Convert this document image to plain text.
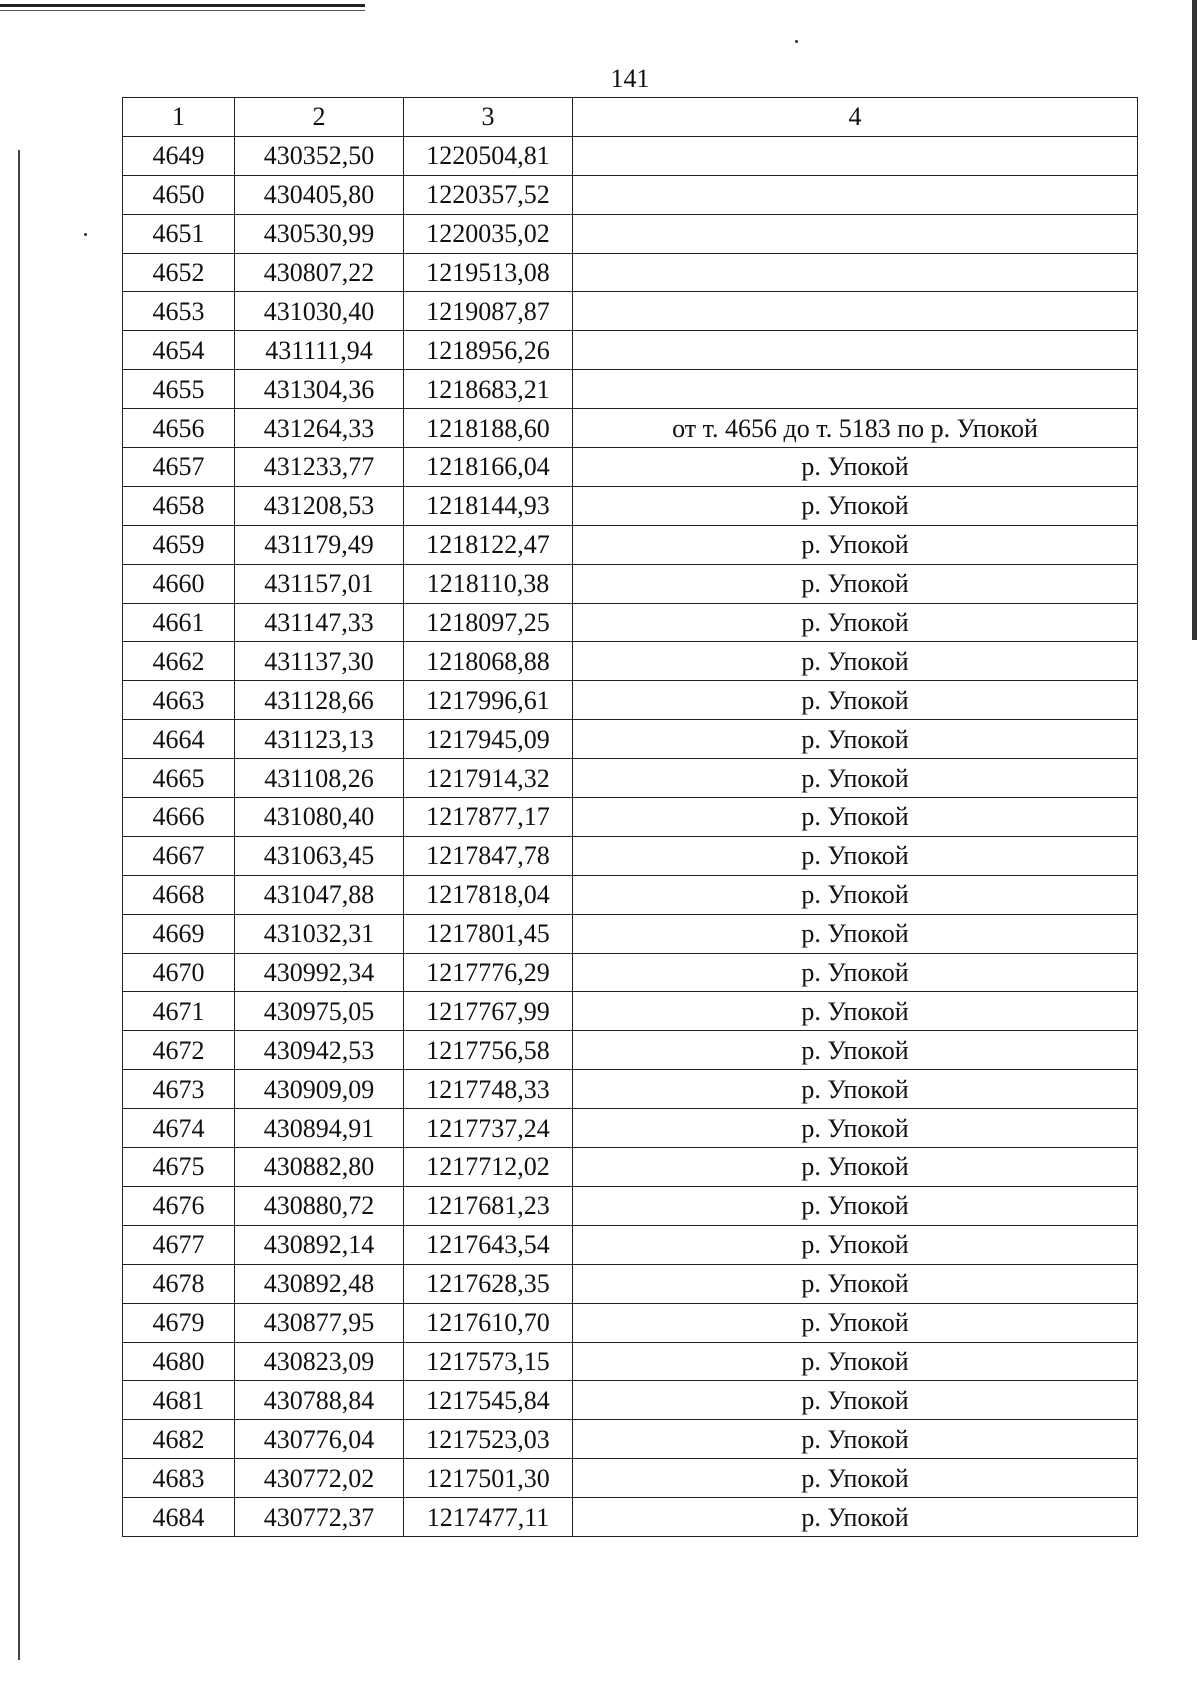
141
1	2	3	4
4649	430352,50	1220504,81	
4650	430405,80	1220357,52	
4651	430530,99	1220035,02	
4652	430807,22	1219513,08	
4653	431030,40	1219087,87	
4654	431111,94	1218956,26	
4655	431304,36	1218683,21	
4656	431264,33	1218188,60	от т. 4656 до т. 5183 по р. Упокой
4657	431233,77	1218166,04	р. Упокой
4658	431208,53	1218144,93	р. Упокой
4659	431179,49	1218122,47	р. Упокой
4660	431157,01	1218110,38	р. Упокой
4661	431147,33	1218097,25	р. Упокой
4662	431137,30	1218068,88	р. Упокой
4663	431128,66	1217996,61	р. Упокой
4664	431123,13	1217945,09	р. Упокой
4665	431108,26	1217914,32	р. Упокой
4666	431080,40	1217877,17	р. Упокой
4667	431063,45	1217847,78	р. Упокой
4668	431047,88	1217818,04	р. Упокой
4669	431032,31	1217801,45	р. Упокой
4670	430992,34	1217776,29	р. Упокой
4671	430975,05	1217767,99	р. Упокой
4672	430942,53	1217756,58	р. Упокой
4673	430909,09	1217748,33	р. Упокой
4674	430894,91	1217737,24	р. Упокой
4675	430882,80	1217712,02	р. Упокой
4676	430880,72	1217681,23	р. Упокой
4677	430892,14	1217643,54	р. Упокой
4678	430892,48	1217628,35	р. Упокой
4679	430877,95	1217610,70	р. Упокой
4680	430823,09	1217573,15	р. Упокой
4681	430788,84	1217545,84	р. Упокой
4682	430776,04	1217523,03	р. Упокой
4683	430772,02	1217501,30	р. Упокой
4684	430772,37	1217477,11	р. Упокой
